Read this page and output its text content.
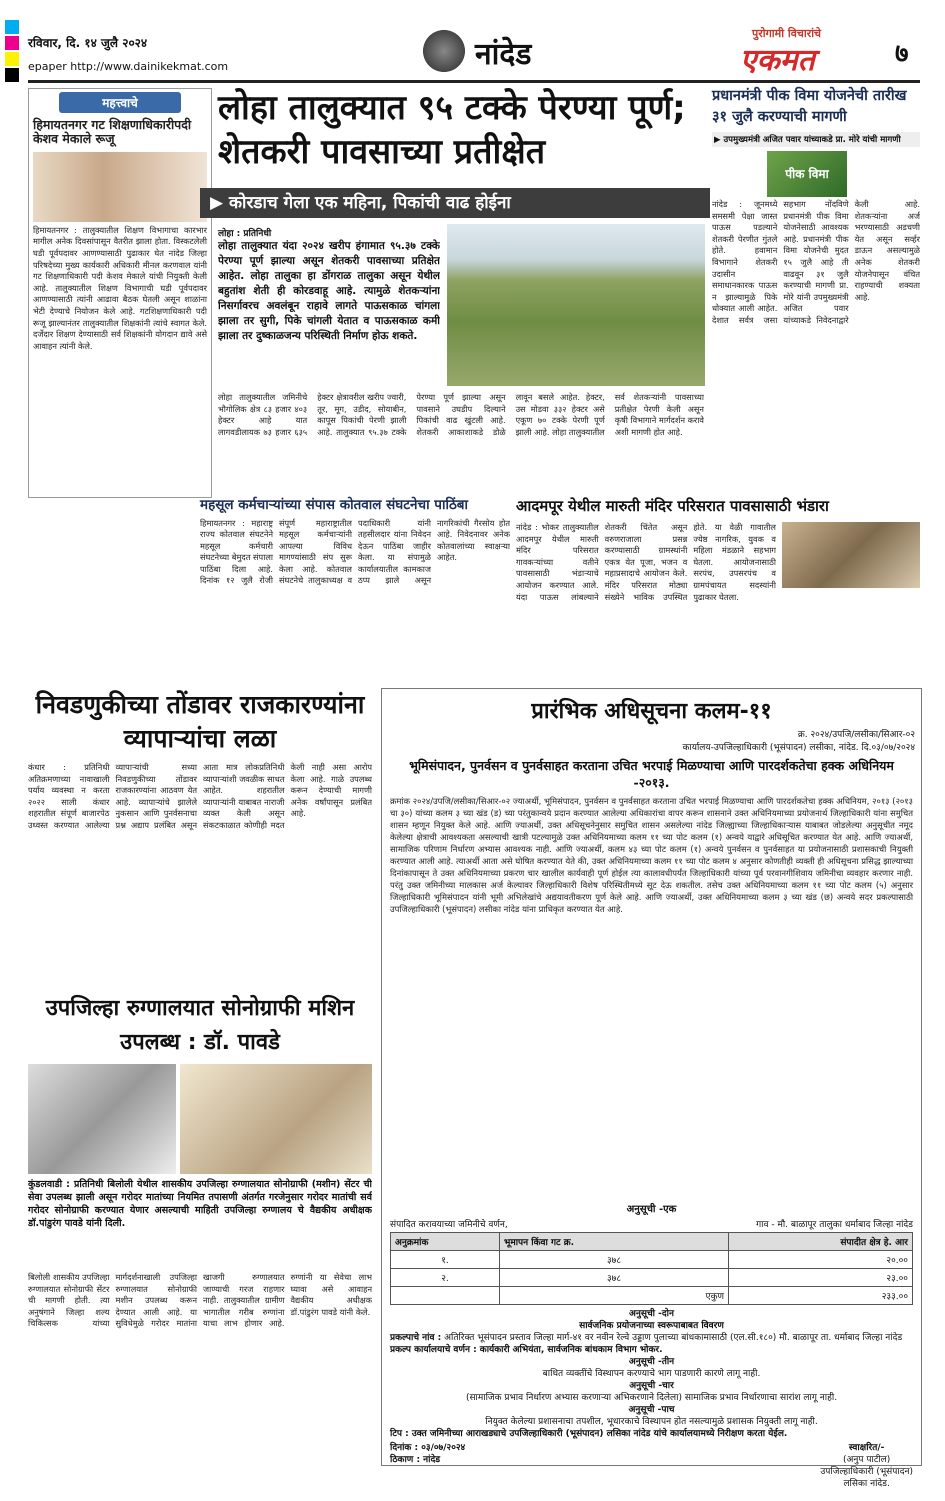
रविवार, दि. १४ जुलै २०२४
epaper http://www.dainikekmat.com	नांदेड
पुरोगामी विचारांचे
एकमत	७
महत्त्वाचे
हिमायतनगर गट शिक्षणाधिकारीपदी केशव मेकाले रूजू
हिमायतनगर : तालुक्यातील शिक्षण विभागाचा कारभार मागील अनेक दिवसांपासून वैतरीत झाला होता. विस्कटलेली घडी पूर्वपदावर आणण्यासाठी पुढाकार घेत नांदेड जिल्हा परिषदेच्या मुख्य कार्यकारी अधिकारी मीनल करणवाल यांनी गट शिक्षणाधिकारी पदी केशव मेकाले यांची नियुक्ती केली आहे. तालुक्यातील शिक्षण विभागाची घडी पूर्वपदावर आणण्यासाठी त्यांनी आढावा बैठक घेतली असून शाळांना भेटी देण्याचे नियोजन केले आहे. गटशिक्षणाधिकारी पदी रूजू झाल्यानंतर तालुक्यातील शिक्षकांनी त्यांचे स्वागत केले. दर्जेदार शिक्षण देण्यासाठी सर्व शिक्षकांनी योगदान द्यावे असे आवाहन त्यांनी केले.
लोहा तालुक्यात ९५ टक्के पेरण्या पूर्ण; शेतकरी पावसाच्या प्रतीक्षेत
▶ कोरडाच गेला एक महिना, पिकांची वाढ होईना
लोहा : प्रतिनिधी
लोहा तालुक्यात यंदा २०२४ खरीप हंगामात ९५.३७ टक्के पेरण्या पूर्ण झाल्या असून शेतकरी पावसाच्या प्रतिक्षेत आहेत. लोहा तालुका हा डोंगराळ तालुका असून येथील बहुतांश शेती ही कोरडवाहू आहे. त्यामुळे शेतकऱ्यांना निसर्गावरच अवलंबून राहावे लागते पाऊसकाळ चांगला झाला तर सुगी, पिके चांगली येतात व पाऊसकाळ कमी झाला तर दुष्काळजन्य परिस्थिती निर्माण होऊ शकते.
लोहा तालुक्यातील जमिनीचे भौगोलिक क्षेत्र ८३ हजार ४०३ हेक्टर आहे यात लागवडीलायक ७३ हजार ६३५ हेक्टर क्षेत्रावरील खरीप ज्वारी, तूर, मूग, उडीद, सोयाबीन, कापूस पिकांची पेरणी झाली आहे. तालुक्यात ९५.३७ टक्के पेरण्या पूर्ण झाल्या असून पावसाने उघडीप दिल्याने पिकांची वाढ खुंटली आहे. शेतकरी आकाशाकडे डोळे लावून बसले आहेत. हेक्टर, उस मोडवा ३३२ हेक्टर असे एकूण ७० टक्के पेरणी पूर्ण झाली आहे. लोहा तालुक्यातील सर्व शेतकऱ्यांनी पावसाच्या प्रतीक्षेत पेरणी केली असून कृषी विभागाने मार्गदर्शन करावे अशी मागणी होत आहे.
प्रधानमंत्री पीक विमा योजनेची तारीख ३१ जुलै करण्याची मागणी
▶ उपमुख्यमंत्री अजित पवार यांच्याकडे प्रा. मोरे यांची मागणी
पीक विमा
नांदेड : जूनमध्ये समसमी पेक्षा जास्त पाऊस पडल्याने शेतकरी पेरणीत गुंतले होते. हवामान विभागाने शेतकरी उदासीन समाधानकारक पाऊस न झाल्यामुळे पिके धोक्यात आली आहेत. देशात सर्वत्र जसा सहभाग नोंदविणे प्रधानमंत्री पीक विमा योजनेसाठी आवश्यक आहे. प्रधानमंत्री पीक विमा योजनेची मुदत १५ जुलै आहे ती वाढवून ३१ जुलै करण्याची मागणी प्रा. मोरे यांनी उपमुख्यमंत्री अजित पवार यांच्याकडे निवेदनाद्वारे केली आहे. शेतकऱ्यांना अर्ज भरण्यासाठी अडचणी येत असून सर्व्हर डाऊन असल्यामुळे अनेक शेतकरी योजनेपासून वंचित राहण्याची शक्यता आहे.
महसूल कर्मचाऱ्यांच्या संपास कोतवाल संघटनेचा पाठिंबा
हिमायतनगर : महाराष्ट्र राज्य कोतवाल संघटनेने महसूल कर्मचारी संघटनेच्या बेमुदत संपाला पाठिंबा दिला आहे. दिनांक १२ जुलै रोजी संपूर्ण महाराष्ट्रातील महसूल कर्मचाऱ्यांनी आपल्या विविध मागण्यांसाठी संप सुरू केला आहे. कोतवाल संघटनेचे तालुकाध्यक्ष व पदाधिकारी यांनी तहसीलदार यांना निवेदन देऊन पाठिंबा जाहीर केला. या संपामुळे कार्यालयातील कामकाज ठप्प झाले असून नागरिकांची गैरसोय होत आहे. निवेदनावर अनेक कोतवालांच्या स्वाक्षऱ्या आहेत.
आदमपूर येथील मारुती मंदिर परिसरात पावसासाठी भंडारा
नांदेड : भोकर तालुक्यातील आदमपूर येथील मारुती मंदिर परिसरात गावकऱ्यांच्या वतीने पावसासाठी भंडाऱ्याचे आयोजन करण्यात आले. यंदा पाऊस लांबल्याने शेतकरी चिंतेत असून वरुणराजाला प्रसन्न करण्यासाठी ग्रामस्थांनी एकत्र येत पूजा, भजन व महाप्रसादाचे आयोजन केले. मंदिर परिसरात मोठ्या संख्येने भाविक उपस्थित होते. या वेळी गावातील ज्येष्ठ नागरिक, युवक व महिला मंडळाने सहभाग घेतला. आयोजनासाठी सरपंच, उपसरपंच व ग्रामपंचायत सदस्यांनी पुढाकार घेतला.
निवडणुकीच्या तोंडावर राजकारण्यांना व्यापाऱ्यांचा लळा
कंधार : प्रतिनिधी अतिक्रमणाच्या नावाखाली पर्याय व्यवस्था न करता २०२२ साली कंधार शहरातील संपूर्ण बाजारपेठ उध्वस्त करण्यात आलेल्या व्यापाऱ्यांची सध्या निवडणुकीच्या तोंडावर राजकारण्यांना आठवण येत आहे. व्यापाऱ्यांचे झालेले नुकसान आणि पुनर्वसनाचा प्रश्न अद्याप प्रलंबित असून आता मात्र लोकप्रतिनिधी व्यापाऱ्यांशी जवळीक साधत आहेत. शहरातील व्यापाऱ्यांनी याबाबत नाराजी व्यक्त केली असून संकटकाळात कोणीही मदत केली नाही असा आरोप केला आहे. गाळे उपलब्ध करून देण्याची मागणी अनेक वर्षांपासून प्रलंबित आहे.
उपजिल्हा रुग्णालयात सोनोग्राफी मशिन उपलब्ध : डॉ. पावडे
कुंडलवाडी : प्रतिनिधी बिलोली येथील शासकीय उपजिल्हा रुग्णालयात सोनोग्राफी (मशीन) सेंटर ची सेवा उपलब्ध झाली असून गरोदर मातांच्या नियमित तपासणी अंतर्गत गरजेनुसार गरोदर मातांची सर्व गरोदर सोनोग्राफी करण्यात येणार असल्याची माहिती उपजिल्हा रुग्णालय चे वैद्यकीय अधीक्षक डॉ.पांडुरंग पावडे यांनी दिली.
बिलोली शासकीय उपजिल्हा रुग्णालयात सोनोग्राफी सेंटर ची मागणी होती. त्या अनुषंगाने जिल्हा शल्य चिकित्सक यांच्या मार्गदर्शनाखाली उपजिल्हा रुग्णालयात सोनोग्राफी मशीन उपलब्ध करून देण्यात आली आहे. या सुविधेमुळे गरोदर मातांना खाजगी रुग्णालयात जाण्याची गरज राहणार नाही. तालुक्यातील ग्रामीण भागातील गरीब रुग्णांना याचा लाभ होणार आहे. रुग्णांनी या सेवेचा लाभ घ्यावा असे आवाहन वैद्यकीय अधीक्षक डॉ.पांडुरंग पावडे यांनी केले.
प्रारंभिक अधिसूचना कलम-११
क्र. २०२४/उपजि/लसीका/सिआर-०२
कार्यालय-उपजिल्हाधिकारी (भूसंपादन) लसीका, नांदेड. दि.०३/०७/२०२४
भूमिसंपादन, पुनर्वसन व पुनर्वसाहत करताना उचित भरपाई मिळण्याचा आणि पारदर्शकतेचा हक्क अधिनियम -२०१३.
क्रमांक २०२४/उपजि/लसीका/सिआर-०२ ज्याअर्थी, भूमिसंपादन, पुनर्वसन व पुनर्वसाहत करताना उचित भरपाई मिळण्याचा आणि पारदर्शकतेचा हक्क अधिनियम, २०१३ (२०१३ चा ३०) यांच्या कलम ३ च्या खंड (ड) च्या परंतुकान्वये प्रदान करण्यात आलेल्या अधिकारांचा वापर करून शासनाने उक्त अधिनियमाच्या प्रयोजनार्थ जिल्हाधिकारी यांना समुचित शासन म्हणून नियुक्त केले आहे. आणि ज्याअर्थी, उक्त अधिसूचनेनुसार समुचित शासन असलेल्या नांदेड जिल्ह्याच्या जिल्हाधिकाऱ्यास याबाबत जोडलेल्या अनुसूचीत नमूद केलेल्या क्षेत्राची आवश्यकता असल्याची खात्री पटल्यामुळे उक्त अधिनियमाच्या कलम ११ च्या पोट कलम (१) अन्वये याद्वारे अधिसूचित करण्यात येत आहे. आणि ज्याअर्थी, सामाजिक परिणाम निर्धारण अभ्यास आवश्यक नाही. आणि ज्याअर्थी, कलम ४३ च्या पोट कलम (१) अन्वये पुनर्वसन व पुनर्वसाहत या प्रयोजनासाठी प्रशासकाची नियुक्ती करण्यात आली आहे. त्याअर्थी आता असे घोषित करण्यात येते की, उक्त अधिनियमाच्या कलम ११ च्या पोट कलम ४ अनुसार कोणतीही व्यक्ती ही अधिसूचना प्रसिद्ध झाल्याच्या दिनांकापासून ते उक्त अधिनियमाच्या प्रकरण चार खालील कार्यवाही पूर्ण होईल त्या कालावधीपर्यंत जिल्हाधिकारी यांच्या पूर्व परवानगीशिवाय जमिनीचा व्यवहार करणार नाही. परंतु उक्त जमिनीच्या मालकास अर्ज केल्यावर जिल्हाधिकारी विशेष परिस्थितीमध्ये सूट देऊ शकतील. तसेच उक्त अधिनियमाच्या कलम ११ च्या पोट कलम (५) अनुसार जिल्हाधिकारी भूमिसंपादन यांनी भूमी अभिलेखांचे अद्ययावतीकरण पूर्ण केले आहे. आणि ज्याअर्थी, उक्त अधिनियमाच्या कलम ३ च्या खंड (छ) अन्वये सदर प्रकल्पासाठी उपजिल्हाधिकारी (भूसंपादन) लसीका नांदेड यांना प्राधिकृत करण्यात येत आहे.
अनुसूची -एक
संपादित करावयाच्या जमिनीचे वर्णन,	गाव - मौ. बाळापूर तालुका धर्माबाद जिल्हा नांदेड
अनुक्रमांक	भूमापन किंवा गट क्र.	संपादीत क्षेत्र हे. आर
१.	३७८	२०.००
२.	३७८	२३.००
एकुण	२३३.००
अनुसूची -दोन
सार्वजनिक प्रयोजनाच्या स्वरूपाबाबत विवरण
प्रकल्पाचे नांव : अतिरिक्त भूसंपादन प्रस्ताव जिल्हा मार्ग-४१ वर नवीन रेल्वे उड्डाण पुलाच्या बांधकामासाठी (एल.सी.१८०) मौ. बाळापूर ता. धर्माबाद जिल्हा नांदेड
प्रकल्प कार्यालयाचे वर्णन : कार्यकारी अभियंता, सार्वजनिक बांधकाम विभाग भोकर.
अनुसूची -तीन
बाधित व्यक्तींचे विस्थापन करण्याचे भाग पाडणारी कारणे लागू नाही.
अनुसूची -चार
(सामाजिक प्रभाव निर्धारण अभ्यास करणाऱ्या अभिकरणाने दिलेला) सामाजिक प्रभाव निर्धारणाचा सारांश लागू नाही.
अनुसूची -पाच
नियुक्त केलेल्या प्रशासनाचा तपशील, भूधारकाचे विस्थापन होत नसल्यामुळे प्रशासक नियुक्ती लागू नाही.
टिप : उक्त जमिनीच्या आराखड्याचे उपजिल्हाधिकारी (भूसंपादन) लसिका नांदेड यांचे कार्यालयामध्ये निरीक्षण करता येईल.
दिनांक : ०३/०७/२०२४
ठिकाण : नांदेड
स्वाक्षरित/-
(अनुप पाटील)
उपजिल्हाधिकारी (भूसंपादन)
लसिका नांदेड.
